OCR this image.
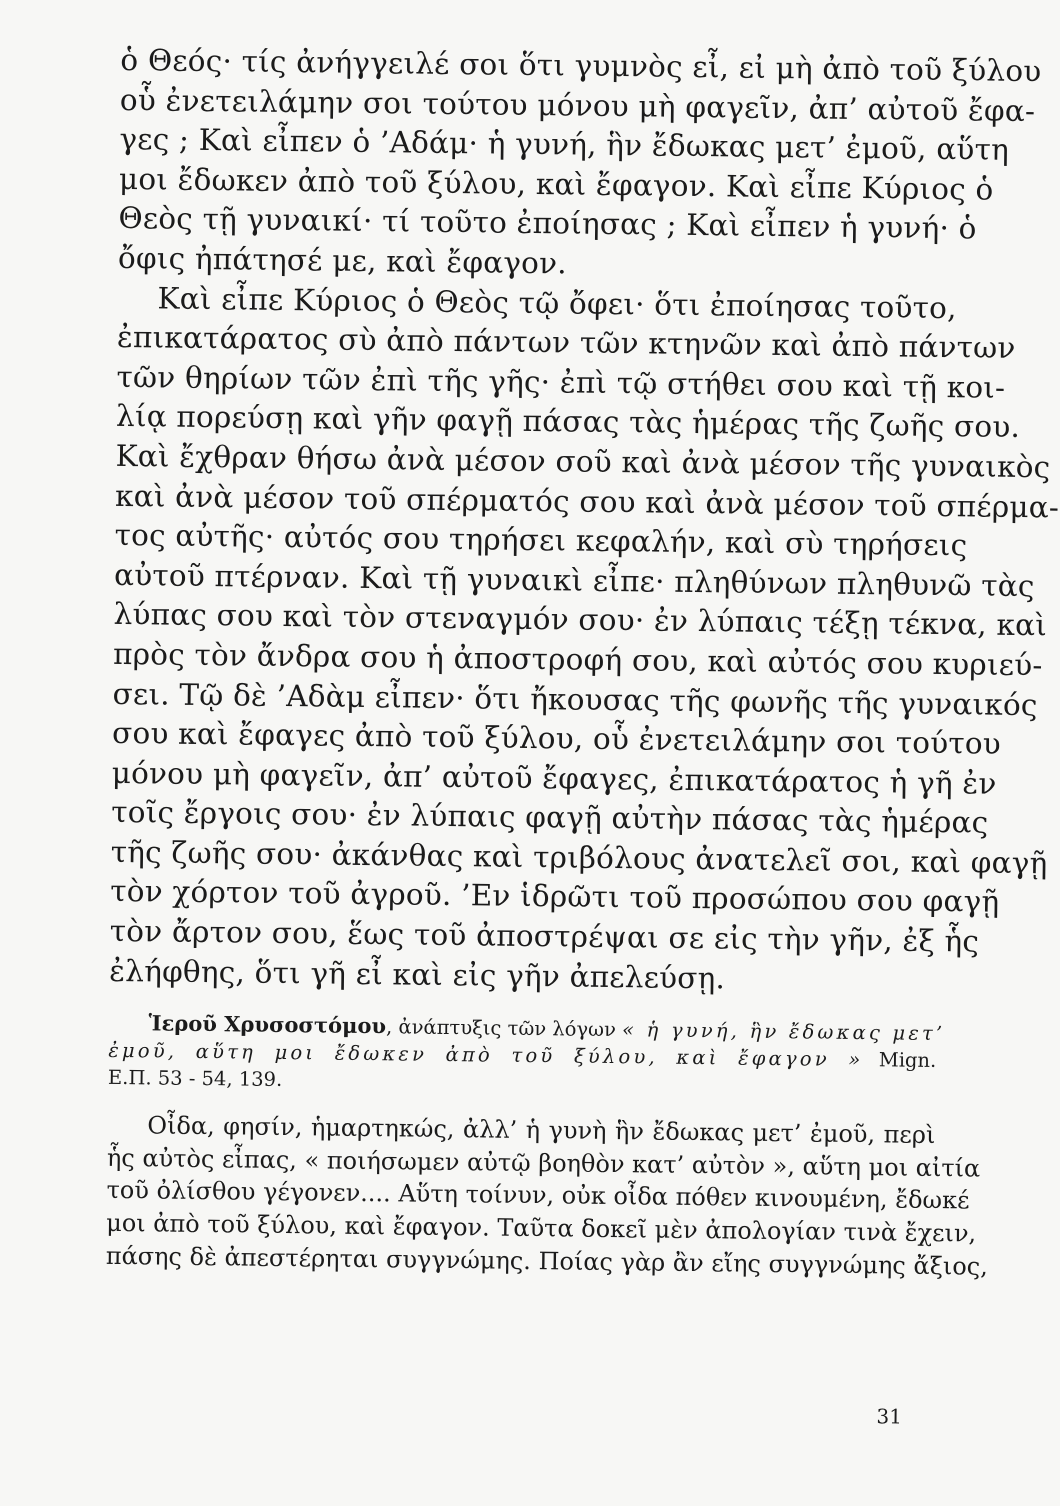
ὁ Θεός· τίς ἀνήγγειλέ σοι ὅτι γυμνὸς εἶ, εἰ μὴ ἀπὸ τοῦ ξύλου
οὗ ἐνετειλάμην σοι τούτου μόνου μὴ φαγεῖν, ἀπ’ αὐτοῦ ἔφα-
γες ; Καὶ εἶπεν ὁ ’Αδάμ· ἡ γυνή, ἣν ἔδωκας μετ’ ἐμοῦ, αὕτη
μοι ἔδωκεν ἀπὸ τοῦ ξύλου, καὶ ἔφαγον. Καὶ εἶπε Κύριος ὁ
Θεὸς τῇ γυναικί· τί τοῦτο ἐποίησας ; Καὶ εἶπεν ἡ γυνή· ὁ
ὄφις ἠπάτησέ με, καὶ ἔφαγον.
Καὶ εἶπε Κύριος ὁ Θεὸς τῷ ὄφει· ὅτι ἐποίησας τοῦτο,
ἐπικατάρατος σὺ ἀπὸ πάντων τῶν κτηνῶν καὶ ἀπὸ πάντων
τῶν θηρίων τῶν ἐπὶ τῆς γῆς· ἐπὶ τῷ στήθει σου καὶ τῇ κοι-
λίᾳ πορεύσῃ καὶ γῆν φαγῇ πάσας τὰς ἡμέρας τῆς ζωῆς σου.
Καὶ ἔχθραν θήσω ἀνὰ μέσον σοῦ καὶ ἀνὰ μέσον τῆς γυναικὸς
καὶ ἀνὰ μέσον τοῦ σπέρματός σου καὶ ἀνὰ μέσον τοῦ σπέρμα-
τος αὐτῆς· αὐτός σου τηρήσει κεφαλήν, καὶ σὺ τηρήσεις
αὐτοῦ πτέρναν. Καὶ τῇ γυναικὶ εἶπε· πληθύνων πληθυνῶ τὰς
λύπας σου καὶ τὸν στεναγμόν σου· ἐν λύπαις τέξῃ τέκνα, καὶ
πρὸς τὸν ἄνδρα σου ἡ ἀποστροφή σου, καὶ αὐτός σου κυριεύ-
σει. Τῷ δὲ ’Αδὰμ εἶπεν· ὅτι ἤκουσας τῆς φωνῆς τῆς γυναικός
σου καὶ ἔφαγες ἀπὸ τοῦ ξύλου, οὗ ἐνετειλάμην σοι τούτου
μόνου μὴ φαγεῖν, ἀπ’ αὐτοῦ ἔφαγες, ἐπικατάρατος ἡ γῆ ἐν
τοῖς ἔργοις σου· ἐν λύπαις φαγῇ αὐτὴν πάσας τὰς ἡμέρας
τῆς ζωῆς σου· ἀκάνθας καὶ τριβόλους ἀνατελεῖ σοι, καὶ φαγῇ
τὸν χόρτον τοῦ ἀγροῦ. ’Εν ἱδρῶτι τοῦ προσώπου σου φαγῇ
τὸν ἄρτον σου, ἕως τοῦ ἀποστρέψαι σε εἰς τὴν γῆν, ἐξ ἧς
ἐλήφθης, ὅτι γῆ εἶ καὶ εἰς γῆν ἀπελεύσῃ.
Ἱεροῦ Χρυσοστόμου, ἀνάπτυξις τῶν λόγων « ἡ γυνή, ἣν ἔδωκας μετ’
ἐμοῦ, αὕτη μοι ἔδωκεν ἀπὸ τοῦ ξύλου, καὶ ἔφαγον » Mign.
Ε.Π. 53 - 54, 139.
Οἶδα, φησίν, ἡμαρτηκώς, ἀλλ’ ἡ γυνὴ ἣν ἔδωκας μετ’ ἐμοῦ, περὶ
ἧς αὐτὸς εἶπας, « ποιήσωμεν αὐτῷ βοηθὸν κατ’ αὐτὸν », αὕτη μοι αἰτία
τοῦ ὀλίσθου γέγονεν.... Αὕτη τοίνυν, οὐκ οἶδα πόθεν κινουμένη, ἔδωκέ
μοι ἀπὸ τοῦ ξύλου, καὶ ἔφαγον. Ταῦτα δοκεῖ μὲν ἀπολογίαν τινὰ ἔχειν,
πάσης δὲ ἀπεστέρηται συγγνώμης. Ποίας γὰρ ἂν εἴης συγγνώμης ἄξιος,
31
